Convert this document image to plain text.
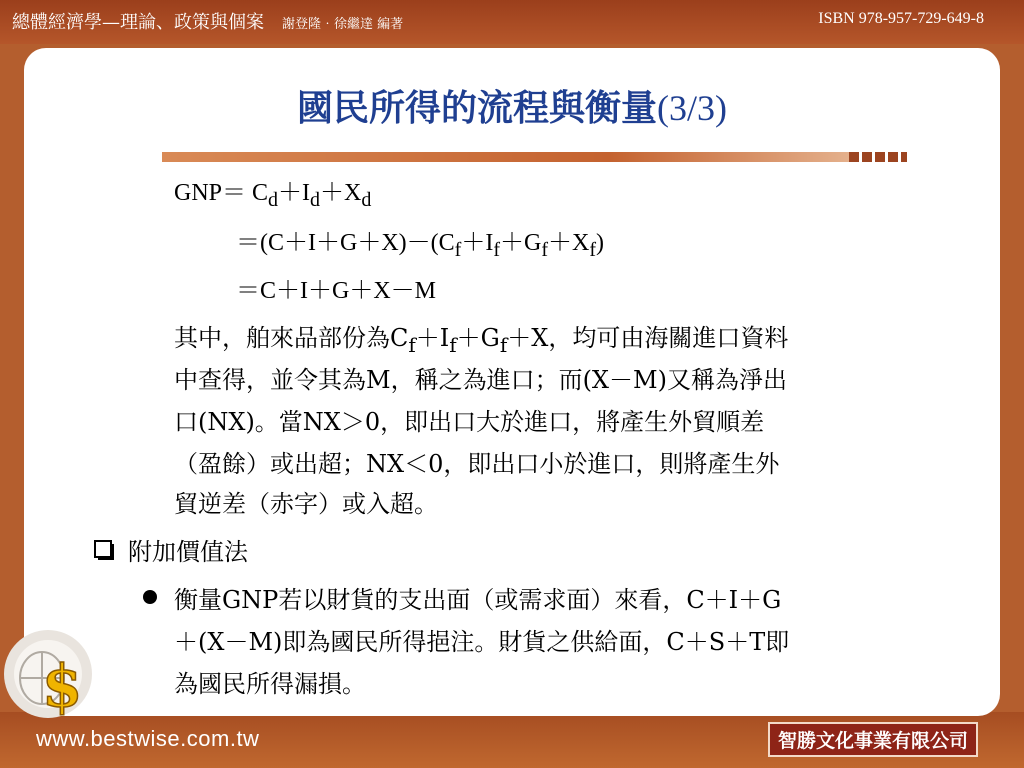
總體經濟學—理論、政策與個案 謝登隆‧徐繼達 編著	ISBN 978-957-729-649-8
www.bestwise.com.tw	智勝文化事業有限公司
$
國民所得的流程與衡量(3/3)
$GNP= C_d+I_d+X_d$
$=(C+I+G+X)-(C_f+I_f+G_f+X_f)$
＝C＋I＋G＋X－M
其中，舶來品部份為$C_f+I_f+G_f+X$，均可由海關進口資料
中查得，並令其為M，稱之為進口；而(X－M)又稱為淨出
口(NX)。當NX＞0，即出口大於進口，將產生外貿順差
（盈餘）或出超；NX＜0，即出口小於進口，則將產生外
貿逆差（赤字）或入超。
附加價值法
衡量GNP若以財貨的支出面（或需求面）來看，C＋I＋G
＋(X－M)即為國民所得挹注。財貨之供給面，C＋S＋T即
為國民所得漏損。
